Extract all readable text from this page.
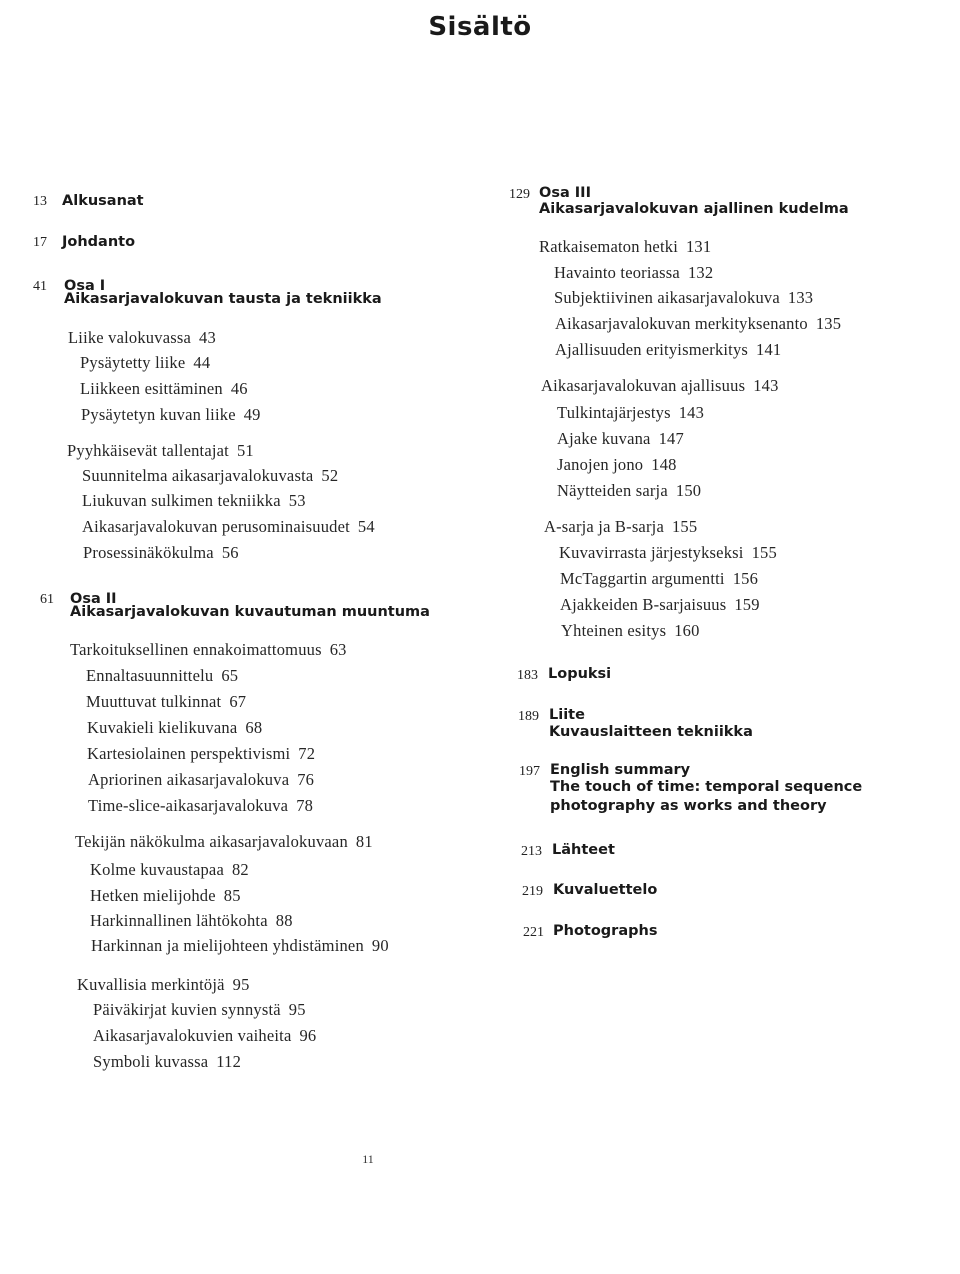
Sisältö
13 Alkusanat
17 Johdanto
41 Osa I
Aikasarjavalokuvan tausta ja tekniikka
Liike valokuvassa 43
Pysäytetty liike 44
Liikkeen esittäminen 46
Pysäytetyn kuvan liike 49
Pyyhkäisevät tallentajat 51
Suunnitelma aikasarjavalokuvasta 52
Liukuvan sulkimen tekniikka 53
Aikasarjavalokuvan perusominaisuudet 54
Prosessinäkökulma 56
61 Osa II
Aikasarjavalokuvan kuvautuman muuntuma
Tarkoituksellinen ennakoimattomuus 63
Ennaltasuunnittelu 65
Muuttuvat tulkinnat 67
Kuvakieli kielikuvana 68
Kartesiolainen perspektivismi 72
Apriorinen aikasarjavalokuva 76
Time-slice-aikasarjavalokuva 78
Tekijän näkökulma aikasarjavalokuvaan 81
Kolme kuvaustapaa 82
Hetken mielijohde 85
Harkinnallinen lähtökohta 88
Harkinnan ja mielijohteen yhdistäminen 90
Kuvallisia merkintöjä 95
Päiväkirjat kuvien synnystä 95
Aikasarjavalokuvien vaiheita 96
Symboli kuvassa 112
129 Osa III
Aikasarjavalokuvan ajallinen kudelma
Ratkaisematon hetki 131
Havainto teoriassa 132
Subjektiivinen aikasarjavalokuva 133
Aikasarjavalokuvan merkityksenanto 135
Ajallisuuden erityismerkitys 141
Aikasarjavalokuvan ajallisuus 143
Tulkintajärjestys 143
Ajake kuvana 147
Janojen jono 148
Näytteiden sarja 150
A-sarja ja B-sarja 155
Kuvavirrasta järjestykseksi 155
McTaggartin argumentti 156
Ajakkeiden B-sarjaisuus 159
Yhteinen esitys 160
183 Lopuksi
189 Liite
Kuvauslaitteen tekniikka
197 English summary
The touch of time: temporal sequence
photography as works and theory
213 Lähteet
219 Kuvaluettelo
221 Photographs
11
